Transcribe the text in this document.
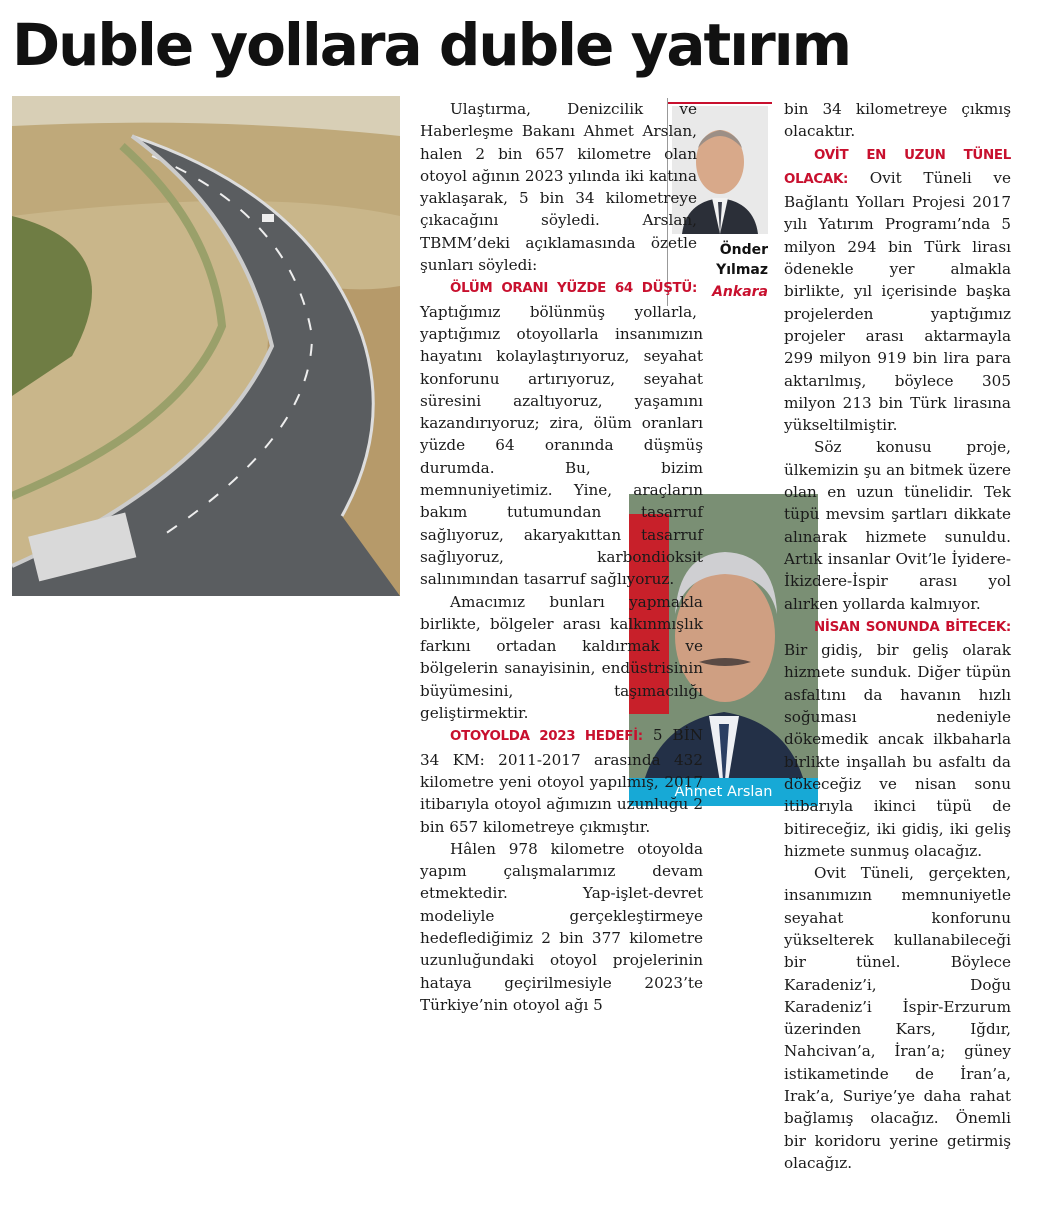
Duble yollara duble yatırım
Önder
Yılmaz
Ankara
Ahmet Arslan

Ulaştırma, Denizcilik ve Haberleşme Bakanı Ahmet Arslan, halen 2 bin 657 kilometre olan otoyol ağının 2023 yılında iki katına yaklaşarak, 5 bin 34 kilometreye çıkacağını söyledi. Arslan, TBMM’deki açıklamasında özetle şunları söyledi:

ÖLÜM ORANI YÜZDE 64 DÜŞTÜ: Yaptığımız bölünmüş yollarla, yaptığımız otoyollarla insanımızın hayatını kolaylaştırıyoruz, seyahat konforunu artırıyoruz, seyahat süresini azaltıyoruz, yaşamını kazandırıyoruz; zira, ölüm oranları yüzde 64 oranında düşmüş durumda. Bu, bizim memnuniyetimiz. Yine, araçların bakım tutumundan tasarruf sağlıyoruz, akaryakıttan tasarruf sağlıyoruz, karbondioksit salınımından tasarruf sağlıyoruz.

Amacımız bunları yapmakla birlikte, bölgeler arası kalkınmışlık farkını ortadan kaldırmak ve bölgelerin sanayisinin, endüstrisinin büyümesini, taşımacılığı geliştirmektir.

OTOYOLDA 2023 HEDEFİ: 5 BİN 34 KM: 2011-2017 arasında 432 kilometre yeni otoyol yapılmış, 2017 itibarıyla otoyol ağımızın uzunluğu 2 bin 657 kilometreye çıkmıştır.

Hâlen 978 kilometre otoyolda yapım çalışmalarımız devam etmektedir. Yap-işlet-devret modeliyle gerçekleştirmeye hedeflediğimiz 2 bin 377 kilometre uzunluğundaki otoyol projelerinin hataya geçirilmesiyle 2023’te Türkiye’nin otoyol ağı 5

bin 34 kilometreye çıkmış olacaktır.

OVİT EN UZUN TÜNEL OLACAK: Ovit Tüneli ve Bağlantı Yolları Projesi 2017 yılı Yatırım Programı’nda 5 milyon 294 bin Türk lirası ödenekle yer almakla birlikte, yıl içerisinde başka projelerden yaptığımız projeler arası aktarmayla 299 milyon 919 bin lira para aktarılmış, böylece 305 milyon 213 bin Türk lirasına yükseltilmiştir.

Söz konusu proje, ülkemizin şu an bitmek üzere olan en uzun tünelidir. Tek tüpü mevsim şartları dikkate alınarak hizmete sunuldu. Artık insanlar Ovit’le İyidere-İkizdere-İspir arası yol alırken yollarda kalmıyor.

NİSAN SONUNDA BİTECEK: Bir gidiş, bir geliş olarak hizmete sunduk. Diğer tüpün asfaltını da havanın hızlı soğuması nedeniyle dökemedik ancak ilkbaharla birlikte inşallah bu asfaltı da dökeceğiz ve nisan sonu itibarıyla ikinci tüpü de bitireceğiz, iki gidiş, iki geliş hizmete sunmuş olacağız.

Ovit Tüneli, gerçekten, insanımızın memnuniyetle seyahat konforunu yükselterek kullanabileceği bir tünel. Böylece Karadeniz’i, Doğu Karadeniz’i İspir-Erzurum üzerinden Kars, Iğdır, Nahcivan’a, İran’a; güney istikametinde de İran’a, Irak’a, Suriye’ye daha rahat bağlamış olacağız. Önemli bir koridoru yerine getirmiş olacağız.
